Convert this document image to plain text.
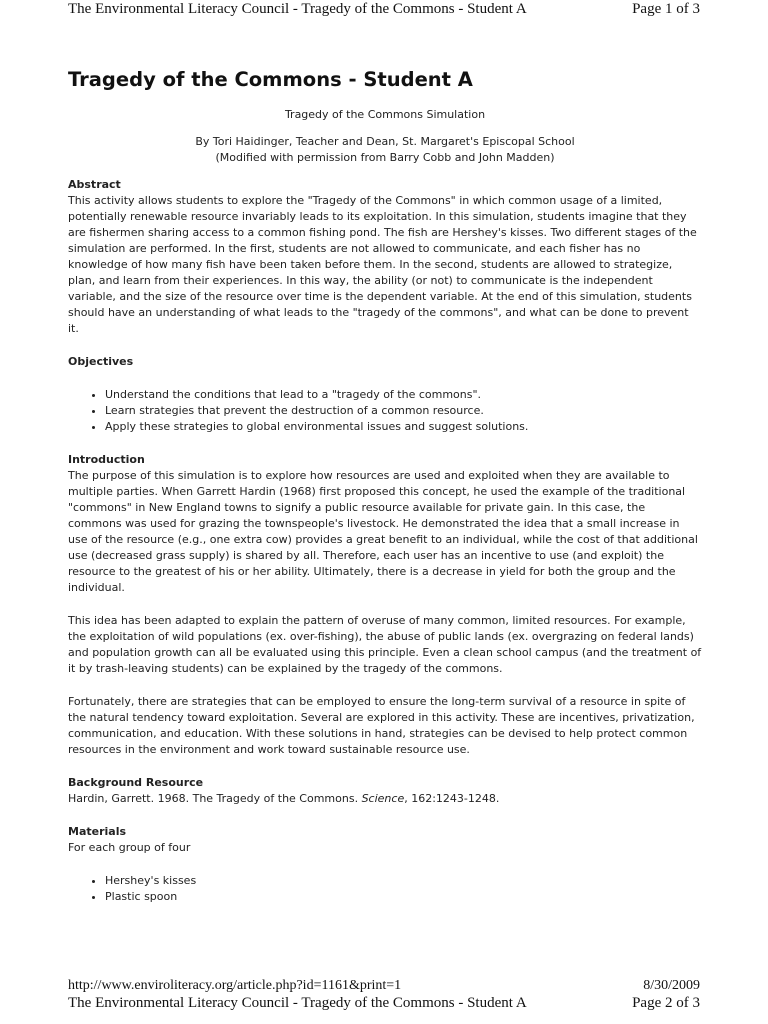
The Environmental Literacy Council - Tragedy of the Commons - Student A	Page 1 of 3
Tragedy of the Commons - Student A
Tragedy of the Commons Simulation
By Tori Haidinger, Teacher and Dean, St. Margaret's Episcopal School
(Modified with permission from Barry Cobb and John Madden)
Abstract

This activity allows students to explore the "Tragedy of the Commons" in which common usage of a limited, potentially renewable resource invariably leads to its exploitation. In this simulation, students imagine that they are fishermen sharing access to a common fishing pond. The fish are Hershey's kisses. Two different stages of the simulation are performed. In the first, students are not allowed to communicate, and each fisher has no knowledge of how many fish have been taken before them. In the second, students are allowed to strategize, plan, and learn from their experiences. In this way, the ability (or not) to communicate is the independent variable, and the size of the resource over time is the dependent variable. At the end of this simulation, students should have an understanding of what leads to the "tragedy of the commons", and what can be done to prevent it.

Objectives
• Understand the conditions that lead to a "tragedy of the commons".
• Learn strategies that prevent the destruction of a common resource.
• Apply these strategies to global environmental issues and suggest solutions.
Introduction

The purpose of this simulation is to explore how resources are used and exploited when they are available to multiple parties. When Garrett Hardin (1968) first proposed this concept, he used the example of the traditional "commons" in New England towns to signify a public resource available for private gain. In this case, the commons was used for grazing the townspeople's livestock. He demonstrated the idea that a small increase in use of the resource (e.g., one extra cow) provides a great benefit to an individual, while the cost of that additional use (decreased grass supply) is shared by all. Therefore, each user has an incentive to use (and exploit) the resource to the greatest of his or her ability. Ultimately, there is a decrease in yield for both the group and the individual.

This idea has been adapted to explain the pattern of overuse of many common, limited resources. For example, the exploitation of wild populations (ex. over-fishing), the abuse of public lands (ex. overgrazing on federal lands) and population growth can all be evaluated using this principle. Even a clean school campus (and the treatment of it by trash-leaving students) can be explained by the tragedy of the commons.

Fortunately, there are strategies that can be employed to ensure the long-term survival of a resource in spite of the natural tendency toward exploitation. Several are explored in this activity. These are incentives, privatization, communication, and education. With these solutions in hand, strategies can be devised to help protect common resources in the environment and work toward sustainable resource use.

Background Resource

Hardin, Garrett. 1968. The Tragedy of the Commons. Science, 162:1243-1248.

Materials

For each group of four

• Hershey's kisses
• Plastic spoon
http://www.enviroliteracy.org/article.php?id=1161&print=1	8/30/2009
The Environmental Literacy Council - Tragedy of the Commons - Student A	Page 2 of 3
